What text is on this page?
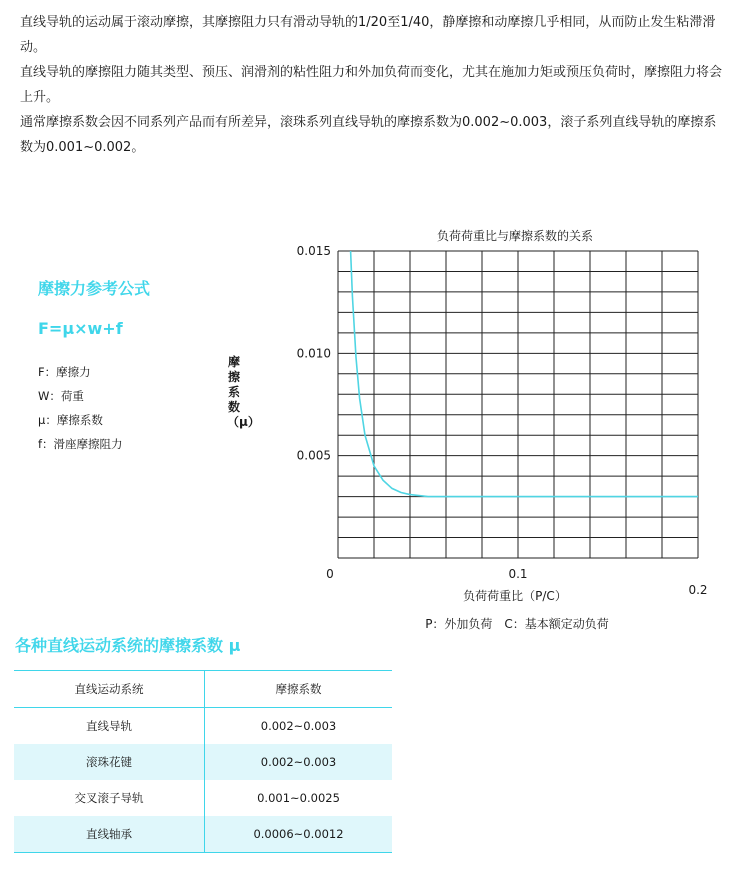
直线导轨的运动属于滚动摩擦，其摩擦阻力只有滑动导轨的1/20至1/40，静摩擦和动摩擦几乎相同，从而防止发生粘滞滑动。

直线导轨的摩擦阻力随其类型、预压、润滑剂的粘性阻力和外加负荷而变化，尤其在施加力矩或预压负荷时，摩擦阻力将会上升。

通常摩擦系数会因不同系列产品而有所差异，滚珠系列直线导轨的摩擦系数为0.002~0.003，滚子系列直线导轨的摩擦系数为0.001~0.002。

摩擦力参考公式
F=μ×w+f
F：摩擦力
W：荷重
μ：摩擦系数
f：滑座摩擦阻力
负荷荷重比与摩擦系数的关系
摩擦系数（μ）
0.015
0.010
0.005
0	0.1
0.2
负荷荷重比（P/C）
P：外加负荷　C：基本额定动负荷
各种直线运动系统的摩擦系数 μ
直线运动系统	摩擦系数
直线导轨	0.002~0.003
滚珠花键	0.002~0.003
交叉滚子导轨	0.001~0.0025
直线轴承	0.0006~0.0012
